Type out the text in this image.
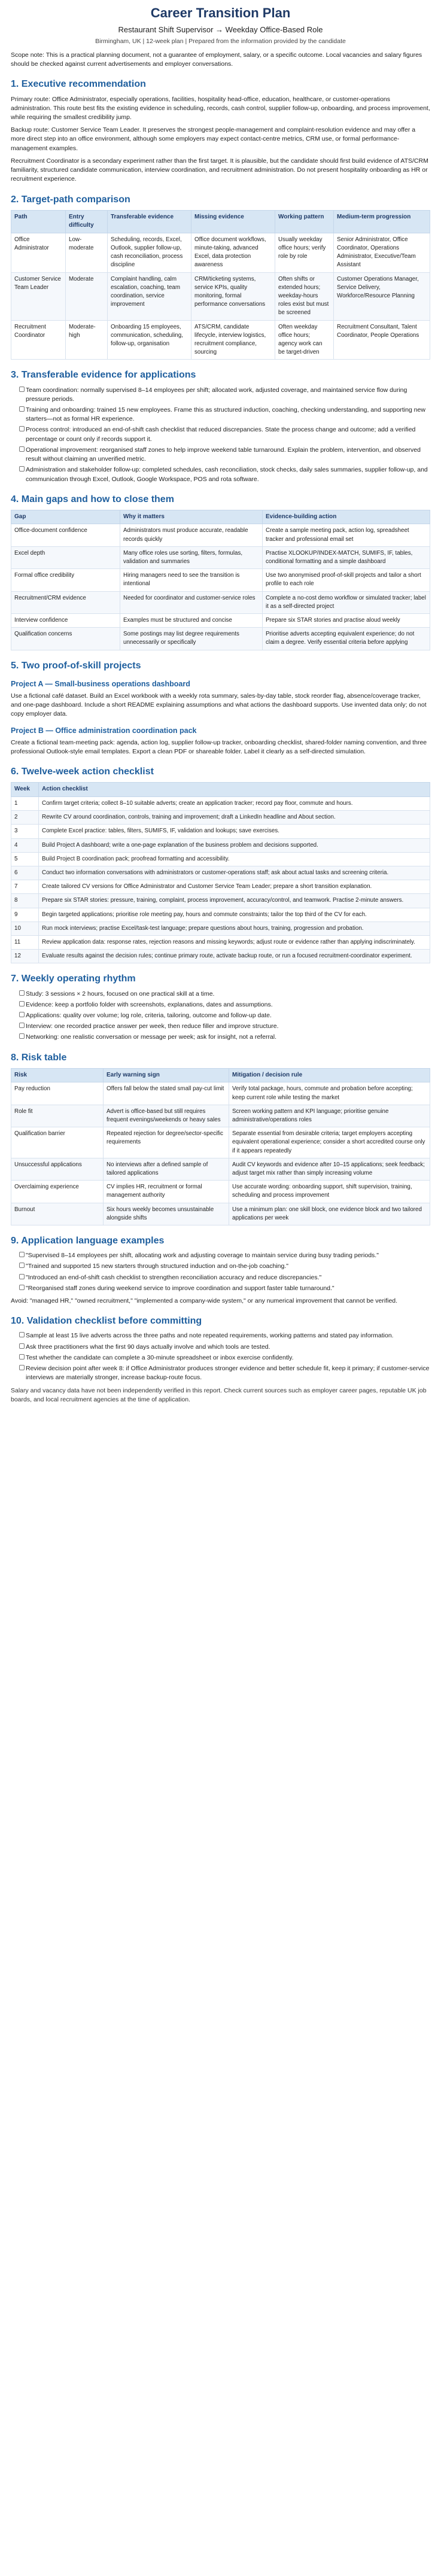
Career Transition Plan
Restaurant Shift Supervisor → Weekday Office-Based Role
Birmingham, UK | 12-week plan | Prepared from the information provided by the candidate

Scope note: This is a practical planning document, not a guarantee of employment, salary, or a specific outcome. Local vacancies and salary figures should be checked against current advertisements and employer conversations.

1. Executive recommendation

Primary route: Office Administrator, especially operations, facilities, hospitality head-office, education, healthcare, or customer-operations administration. This route best fits the existing evidence in scheduling, records, cash control, supplier follow-up, onboarding, and process improvement, while requiring the smallest credibility jump.

Backup route: Customer Service Team Leader. It preserves the strongest people-management and complaint-resolution evidence and may offer a more direct step into an office environment, although some employers may expect contact-centre metrics, CRM use, or formal performance-management examples.

Recruitment Coordinator is a secondary experiment rather than the first target. It is plausible, but the candidate should first build evidence of ATS/CRM familiarity, structured candidate communication, interview coordination, and recruitment administration. Do not present hospitality onboarding as HR or recruitment experience.

2. Target-path comparison
Path	Entry difficulty	Transferable evidence	Missing evidence	Working pattern	Medium-term progression
Office Administrator	Low-moderate	Scheduling, records, Excel, Outlook, supplier follow-up, cash reconciliation, process discipline	Office document workflows, minute-taking, advanced Excel, data protection awareness	Usually weekday office hours; verify role by role	Senior Administrator, Office Coordinator, Operations Administrator, Executive/Team Assistant
Customer Service Team Leader	Moderate	Complaint handling, calm escalation, coaching, team coordination, service improvement	CRM/ticketing systems, service KPIs, quality monitoring, formal performance conversations	Often shifts or extended hours; weekday-hours roles exist but must be screened	Customer Operations Manager, Service Delivery, Workforce/Resource Planning
Recruitment Coordinator	Moderate-high	Onboarding 15 employees, communication, scheduling, follow-up, organisation	ATS/CRM, candidate lifecycle, interview logistics, recruitment compliance, sourcing	Often weekday office hours; agency work can be target-driven	Recruitment Consultant, Talent Coordinator, People Operations
3. Transferable evidence for applications
Team coordination: normally supervised 8–14 employees per shift; allocated work, adjusted coverage, and maintained service flow during pressure periods.
Training and onboarding: trained 15 new employees. Frame this as structured induction, coaching, checking understanding, and supporting new starters—not as formal HR experience.
Process control: introduced an end-of-shift cash checklist that reduced discrepancies. State the process change and outcome; add a verified percentage or count only if records support it.
Operational improvement: reorganised staff zones to help improve weekend table turnaround. Explain the problem, intervention, and observed result without claiming an unverified metric.
Administration and stakeholder follow-up: completed schedules, cash reconciliation, stock checks, daily sales summaries, supplier follow-up, and communication through Excel, Outlook, Google Workspace, POS and rota software.
4. Main gaps and how to close them
Gap	Why it matters	Evidence-building action
Office-document confidence	Administrators must produce accurate, readable records quickly	Create a sample meeting pack, action log, spreadsheet tracker and professional email set
Excel depth	Many office roles use sorting, filters, formulas, validation and summaries	Practise XLOOKUP/INDEX-MATCH, SUMIFS, IF, tables, conditional formatting and a simple dashboard
Formal office credibility	Hiring managers need to see the transition is intentional	Use two anonymised proof-of-skill projects and tailor a short profile to each role
Recruitment/CRM evidence	Needed for coordinator and customer-service roles	Complete a no-cost demo workflow or simulated tracker; label it as a self-directed project
Interview confidence	Examples must be structured and concise	Prepare six STAR stories and practise aloud weekly
Qualification concerns	Some postings may list degree requirements unnecessarily or specifically	Prioritise adverts accepting equivalent experience; do not claim a degree. Verify essential criteria before applying
5. Two proof-of-skill projects
Project A — Small-business operations dashboard

Use a fictional café dataset. Build an Excel workbook with a weekly rota summary, sales-by-day table, stock reorder flag, absence/coverage tracker, and one-page dashboard. Include a short README explaining assumptions and what actions the dashboard supports. Use invented data only; do not copy employer data.

Project B — Office administration coordination pack

Create a fictional team-meeting pack: agenda, action log, supplier follow-up tracker, onboarding checklist, shared-folder naming convention, and three professional Outlook-style email templates. Export a clean PDF or shareable folder. Label it clearly as a self-directed simulation.

6. Twelve-week action checklist
Week	Action checklist
1	Confirm target criteria; collect 8–10 suitable adverts; create an application tracker; record pay floor, commute and hours.
2	Rewrite CV around coordination, controls, training and improvement; draft a LinkedIn headline and About section.
3	Complete Excel practice: tables, filters, SUMIFS, IF, validation and lookups; save exercises.
4	Build Project A dashboard; write a one-page explanation of the business problem and decisions supported.
5	Build Project B coordination pack; proofread formatting and accessibility.
6	Conduct two information conversations with administrators or customer-operations staff; ask about actual tasks and screening criteria.
7	Create tailored CV versions for Office Administrator and Customer Service Team Leader; prepare a short transition explanation.
8	Prepare six STAR stories: pressure, training, complaint, process improvement, accuracy/control, and teamwork. Practise 2-minute answers.
9	Begin targeted applications; prioritise role meeting pay, hours and commute constraints; tailor the top third of the CV for each.
10	Run mock interviews; practise Excel/task-test language; prepare questions about hours, training, progression and probation.
11	Review application data: response rates, rejection reasons and missing keywords; adjust route or evidence rather than applying indiscriminately.
12	Evaluate results against the decision rules; continue primary route, activate backup route, or run a focused recruitment-coordinator experiment.
7. Weekly operating rhythm
Study: 3 sessions × 2 hours, focused on one practical skill at a time.
Evidence: keep a portfolio folder with screenshots, explanations, dates and assumptions.
Applications: quality over volume; log role, criteria, tailoring, outcome and follow-up date.
Interview: one recorded practice answer per week, then reduce filler and improve structure.
Networking: one realistic conversation or message per week; ask for insight, not a referral.
8. Risk table
Risk	Early warning sign	Mitigation / decision rule
Pay reduction	Offers fall below the stated small pay-cut limit	Verify total package, hours, commute and probation before accepting; keep current role while testing the market
Role fit	Advert is office-based but still requires frequent evenings/weekends or heavy sales	Screen working pattern and KPI language; prioritise genuine administrative/operations roles
Qualification barrier	Repeated rejection for degree/sector-specific requirements	Separate essential from desirable criteria; target employers accepting equivalent operational experience; consider a short accredited course only if it appears repeatedly
Unsuccessful applications	No interviews after a defined sample of tailored applications	Audit CV keywords and evidence after 10–15 applications; seek feedback; adjust target mix rather than simply increasing volume
Overclaiming experience	CV implies HR, recruitment or formal management authority	Use accurate wording: onboarding support, shift supervision, training, scheduling and process improvement
Burnout	Six hours weekly becomes unsustainable alongside shifts	Use a minimum plan: one skill block, one evidence block and two tailored applications per week
9. Application language examples
"Supervised 8–14 employees per shift, allocating work and adjusting coverage to maintain service during busy trading periods."
"Trained and supported 15 new starters through structured induction and on-the-job coaching."
"Introduced an end-of-shift cash checklist to strengthen reconciliation accuracy and reduce discrepancies."
"Reorganised staff zones during weekend service to improve coordination and support faster table turnaround."

Avoid: "managed HR," "owned recruitment," "implemented a company-wide system," or any numerical improvement that cannot be verified.

10. Validation checklist before committing
Sample at least 15 live adverts across the three paths and note repeated requirements, working patterns and stated pay information.
Ask three practitioners what the first 90 days actually involve and which tools are tested.
Test whether the candidate can complete a 30-minute spreadsheet or inbox exercise confidently.
Review decision point after week 8: if Office Administrator produces stronger evidence and better schedule fit, keep it primary; if customer-service interviews are materially stronger, increase backup-route focus.

Salary and vacancy data have not been independently verified in this report. Check current sources such as employer career pages, reputable UK job boards, and local recruitment agencies at the time of application.
